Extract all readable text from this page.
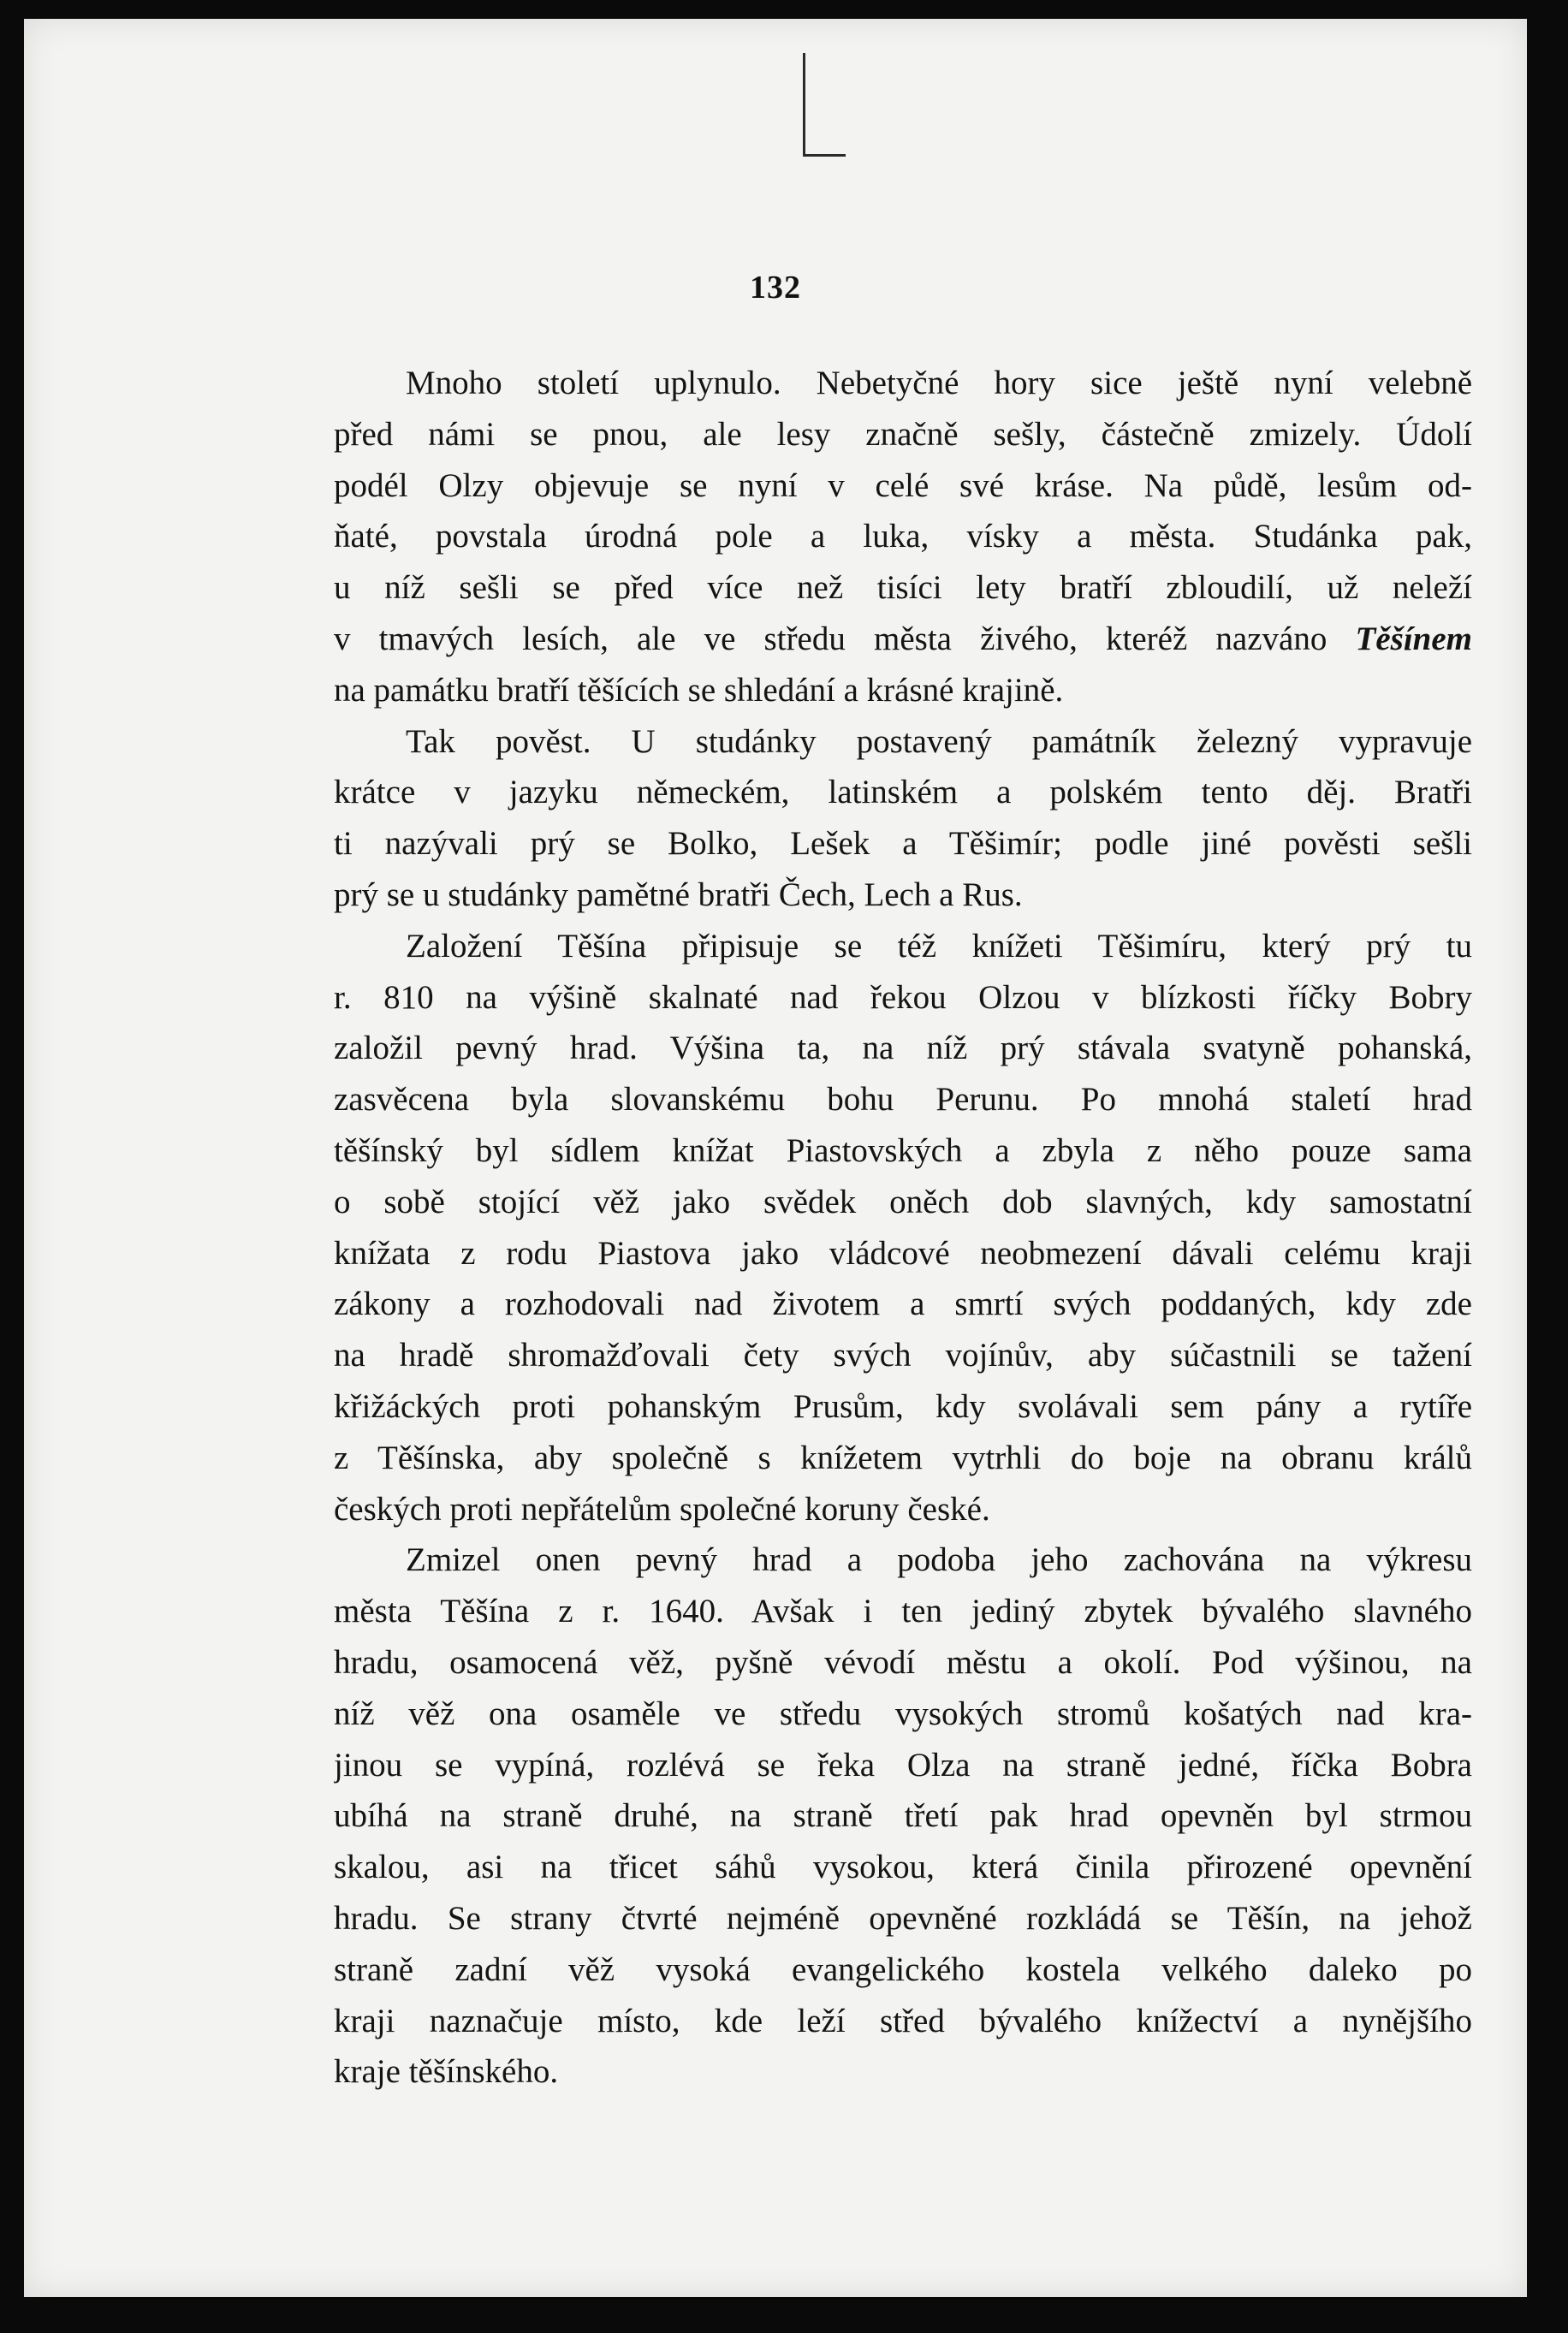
132
Mnoho století uplynulo. Nebetyčné hory sice ještě nyní velebně
před námi se pnou, ale lesy značně sešly, částečně zmizely. Údolí
podél Olzy objevuje se nyní v celé své kráse. Na půdě, lesům od-
ňaté, povstala úrodná pole a luka, vísky a města. Studánka pak,
u níž sešli se před více než tisíci lety bratří zbloudilí, už neleží
v tmavých lesích, ale ve středu města živého, kteréž nazváno Těšínem
na památku bratří těšících se shledání a krásné krajině.
Tak pověst. U studánky postavený památník železný vypravuje
krátce v jazyku německém, latinském a polském tento děj. Bratři
ti nazývali prý se Bolko, Lešek a Těšimír; podle jiné pověsti sešli
prý se u studánky pamětné bratři Čech, Lech a Rus.
Založení Těšína připisuje se též knížeti Těšimíru, který prý tu
r. 810 na výšině skalnaté nad řekou Olzou v blízkosti říčky Bobry
založil pevný hrad. Výšina ta, na níž prý stávala svatyně pohanská,
zasvěcena byla slovanskému bohu Perunu. Po mnohá staletí hrad
těšínský byl sídlem knížat Piastovských a zbyla z něho pouze sama
o sobě stojící věž jako svědek oněch dob slavných, kdy samostatní
knížata z rodu Piastova jako vládcové neobmezení dávali celému kraji
zákony a rozhodovali nad životem a smrtí svých poddaných, kdy zde
na hradě shromažďovali čety svých vojínův, aby súčastnili se tažení
křižáckých proti pohanským Prusům, kdy svolávali sem pány a rytíře
z Těšínska, aby společně s knížetem vytrhli do boje na obranu králů
českých proti nepřátelům společné koruny české.
Zmizel onen pevný hrad a podoba jeho zachována na výkresu
města Těšína z r. 1640. Avšak i ten jediný zbytek bývalého slavného
hradu, osamocená věž, pyšně vévodí městu a okolí. Pod výšinou, na
níž věž ona osaměle ve středu vysokých stromů košatých nad kra-
jinou se vypíná, rozlévá se řeka Olza na straně jedné, říčka Bobra
ubíhá na straně druhé, na straně třetí pak hrad opevněn byl strmou
skalou, asi na třicet sáhů vysokou, která činila přirozené opevnění
hradu. Se strany čtvrté nejméně opevněné rozkládá se Těšín, na jehož
straně zadní věž vysoká evangelického kostela velkého daleko po
kraji naznačuje místo, kde leží střed bývalého knížectví a nynějšího
kraje těšínského.
